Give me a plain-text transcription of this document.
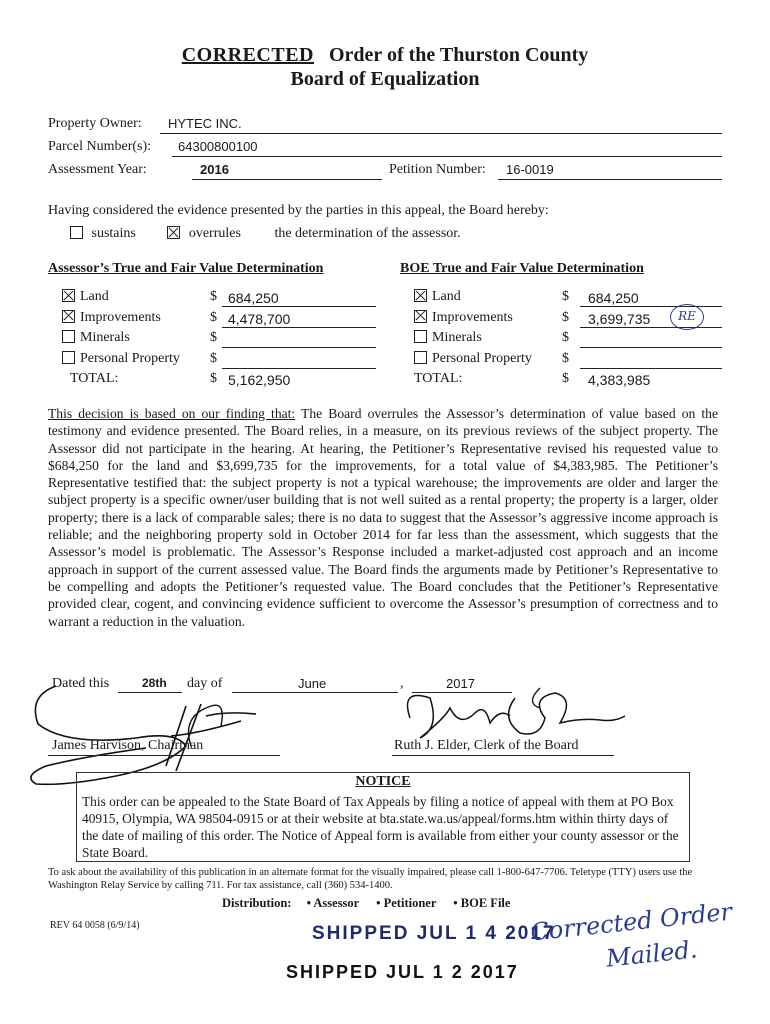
CORRECTED Order of the Thurston County
Board of Equalization
Property Owner: HYTEC INC.
Parcel Number(s): 64300800100
Assessment Year:	2016	Petition Number: 16-0019
Having considered the evidence presented by the parties in this appeal, the Board hereby:
sustains	overrules the determination of the assessor.
Assessor’s True and Fair Value Determination	BOE True and Fair Value Determination
Land	$ 684,250
Improvements	$ 4,478,700
Minerals	$
Personal Property $
TOTAL:	$ 5,162,950
Land	$ 684,250
Improvements	$ 3,699,735
Minerals	$
Personal Property $
TOTAL:	$ 4,383,985
RE
This decision is based on our finding that: The Board overrules the Assessor’s determination of value based on the testimony and evidence presented. The Board relies, in a measure, on its previous reviews of the subject property. The Assessor did not participate in the hearing. At hearing, the Petitioner’s Representative revised his requested value to $684,250 for the land and $3,699,735 for the improvements, for a total value of $4,383,985. The Petitioner’s Representative testified that: the subject property is not a typical warehouse; the improvements are older and larger the subject property is a specific owner/user building that is not well suited as a rental property; the property is a larger, older property; there is a lack of comparable sales; there is no data to suggest that the Assessor’s aggressive income approach is reliable; and the neighboring property sold in October 2014 for far less than the assessment, which suggests that the Assessor’s model is problematic. The Assessor’s Response included a market-adjusted cost approach and an income approach in support of the current assessed value. The Board finds the arguments made by Petitioner’s Representative to be compelling and adopts the Petitioner’s requested value. The Board concludes that the Petitioner’s Representative provided clear, cogent, and convincing evidence sufficient to overcome the Assessor’s presumption of correctness and to warrant a reduction in the valuation.
Dated this	28th day of	June	,	2017
James Harvison, Chairman	Ruth J. Elder, Clerk of the Board
NOTICE
This order can be appealed to the State Board of Tax Appeals by filing a notice of appeal with them at PO Box 40915, Olympia, WA 98504-0915 or at their website at bta.state.wa.us/appeal/forms.htm within thirty days of the date of mailing of this order. The Notice of Appeal form is available from either your county assessor or the State Board.
To ask about the availability of this publication in an alternate format for the visually impaired, please call 1-800-647-7706. Teletype (TTY) users use the Washington Relay Service by calling 711. For tax assistance, call (360) 534-1400.
Distribution: • Assessor • Petitioner • BOE File
REV 64 0058 (6/9/14)	SHIPPED JUL 1 4 2017
SHIPPED JUL 1 2 2017
Corrected Order
Mailed.
